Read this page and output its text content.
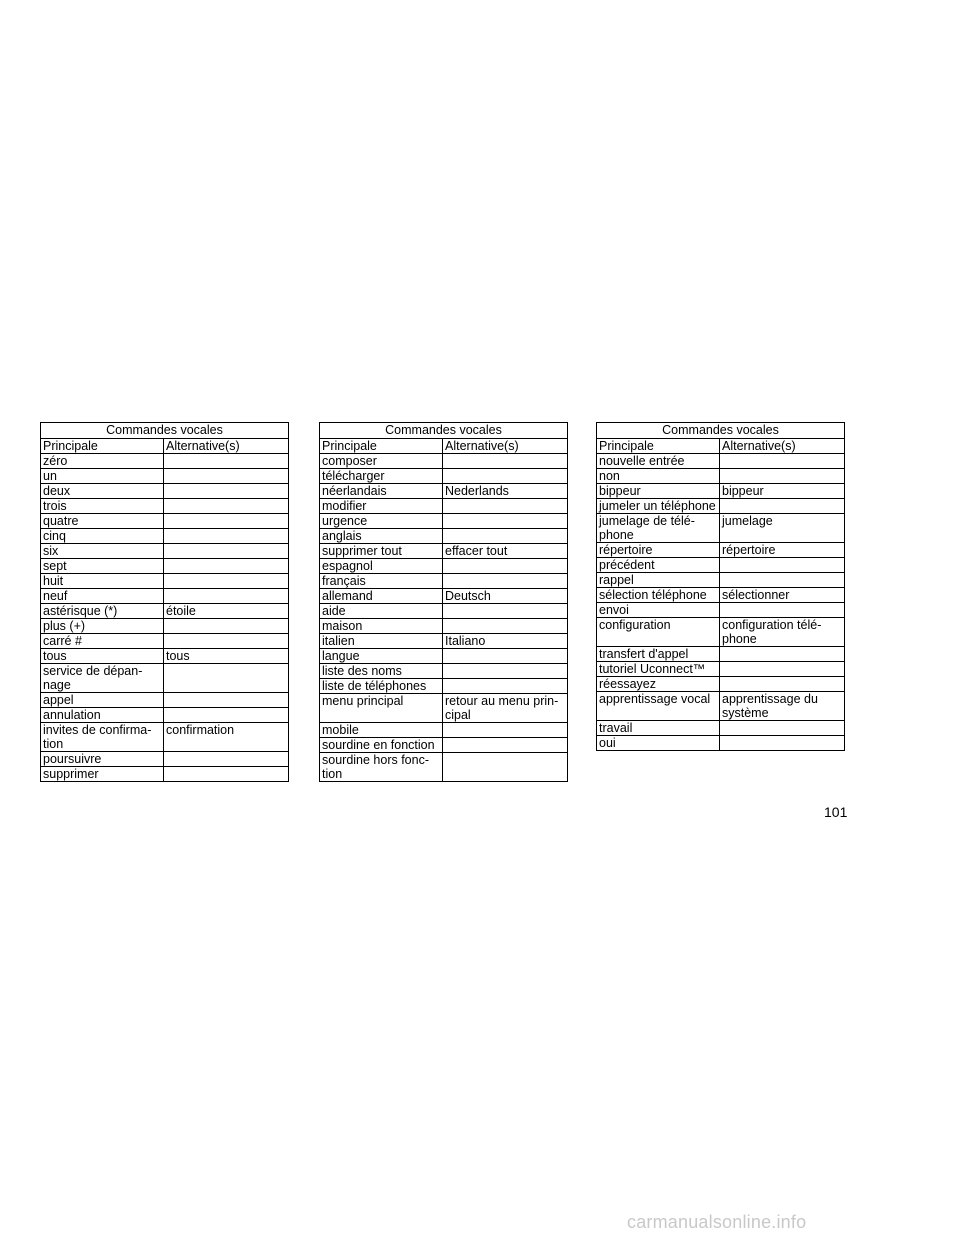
Commandes vocales	
Principale	Alternative(s)
zéro	
un	
deux	
trois	
quatre	
cinq	
six	
sept	
huit	
neuf	
astérisque (*)	étoile
plus (+)	
carré #	
tous	tous
service de dépan-
nage	
appel	
annulation	
invites de confirma-
tion	confirmation
poursuivre	
supprimer	
Commandes vocales	
Principale	Alternative(s)
composer	
télécharger	
néerlandais	Nederlands
modifier	
urgence	
anglais	
supprimer tout	effacer tout
espagnol	
français	
allemand	Deutsch
aide	
maison	
italien	Italiano
langue	
liste des noms	
liste de téléphones	
menu principal	retour au menu prin-
cipal
mobile	
sourdine en fonction	
sourdine hors fonc-
tion	
Commandes vocales	
Principale	Alternative(s)
nouvelle entrée	
non	
bippeur	bippeur
jumeler un téléphone	
jumelage de télé-
phone	jumelage
répertoire	répertoire
précédent	
rappel	
sélection téléphone	sélectionner
envoi	
configuration	configuration télé-
phone
transfert d'appel	
tutoriel Uconnect™	
réessayez	
apprentissage vocal	apprentissage du
système
travail	
oui	
101
carmanualsonline.info
